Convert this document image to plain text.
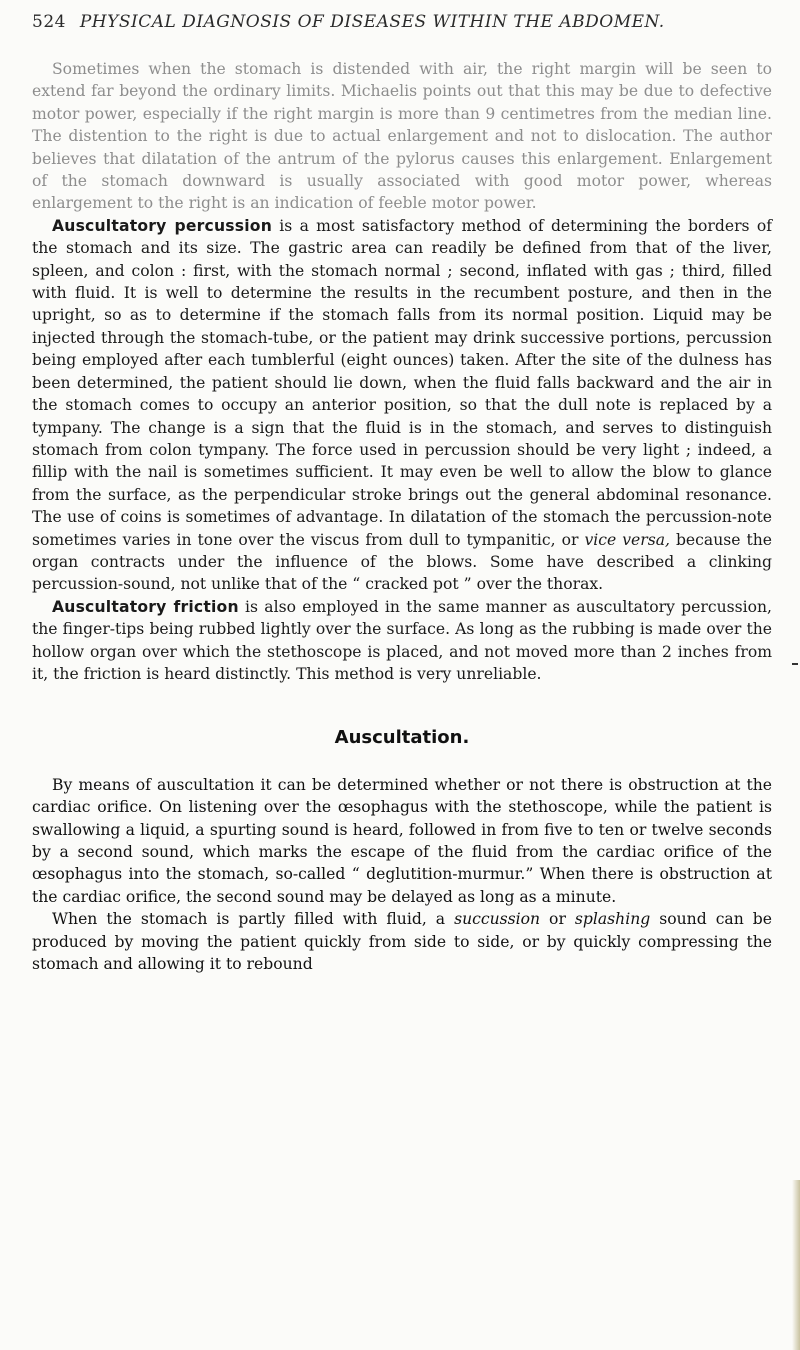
524 PHYSICAL DIAGNOSIS OF DISEASES WITHIN THE ABDOMEN.

Sometimes when the stomach is distended with air, the right margin will be seen to extend far beyond the ordinary limits. Michaelis points out that this may be due to defective motor power, especially if the right margin is more than 9 centimetres from the median line. The distention to the right is due to actual enlargement and not to dislocation. The author believes that dilatation of the antrum of the pylorus causes this enlargement. Enlargement of the stomach downward is usually associated with good motor power, whereas enlargement to the right is an indication of feeble motor power.

Auscultatory percussion is a most satisfactory method of determining the borders of the stomach and its size. The gastric area can readily be defined from that of the liver, spleen, and colon : first, with the stomach normal ; second, inflated with gas ; third, filled with fluid. It is well to determine the results in the recumbent posture, and then in the upright, so as to determine if the stomach falls from its normal position. Liquid may be injected through the stomach-tube, or the patient may drink successive portions, percussion being employed after each tumblerful (eight ounces) taken. After the site of the dulness has been determined, the patient should lie down, when the fluid falls backward and the air in the stomach comes to occupy an anterior position, so that the dull note is replaced by a tympany. The change is a sign that the fluid is in the stomach, and serves to distinguish stomach from colon tympany. The force used in percussion should be very light ; indeed, a fillip with the nail is sometimes sufficient. It may even be well to allow the blow to glance from the surface, as the perpendicular stroke brings out the general abdominal resonance. The use of coins is sometimes of advantage. In dilatation of the stomach the percussion-note sometimes varies in tone over the viscus from dull to tympanitic, or vice versa, because the organ contracts under the influence of the blows. Some have described a clinking percussion-sound, not unlike that of the “ cracked pot ” over the thorax.

Auscultatory friction is also employed in the same manner as auscultatory percussion, the finger-tips being rubbed lightly over the surface. As long as the rubbing is made over the hollow organ over which the stethoscope is placed, and not moved more than 2 inches from it, the friction is heard distinctly. This method is very unreliable.

Auscultation.

By means of auscultation it can be determined whether or not there is obstruction at the cardiac orifice. On listening over the œsophagus with the stethoscope, while the patient is swallowing a liquid, a spurting sound is heard, followed in from five to ten or twelve seconds by a second sound, which marks the escape of the fluid from the cardiac orifice of the œsophagus into the stomach, so-called “ deglutition-murmur.” When there is obstruction at the cardiac orifice, the second sound may be delayed as long as a minute.

When the stomach is partly filled with fluid, a succussion or splashing sound can be produced by moving the patient quickly from side to side, or by quickly compressing the stomach and allowing it to rebound
